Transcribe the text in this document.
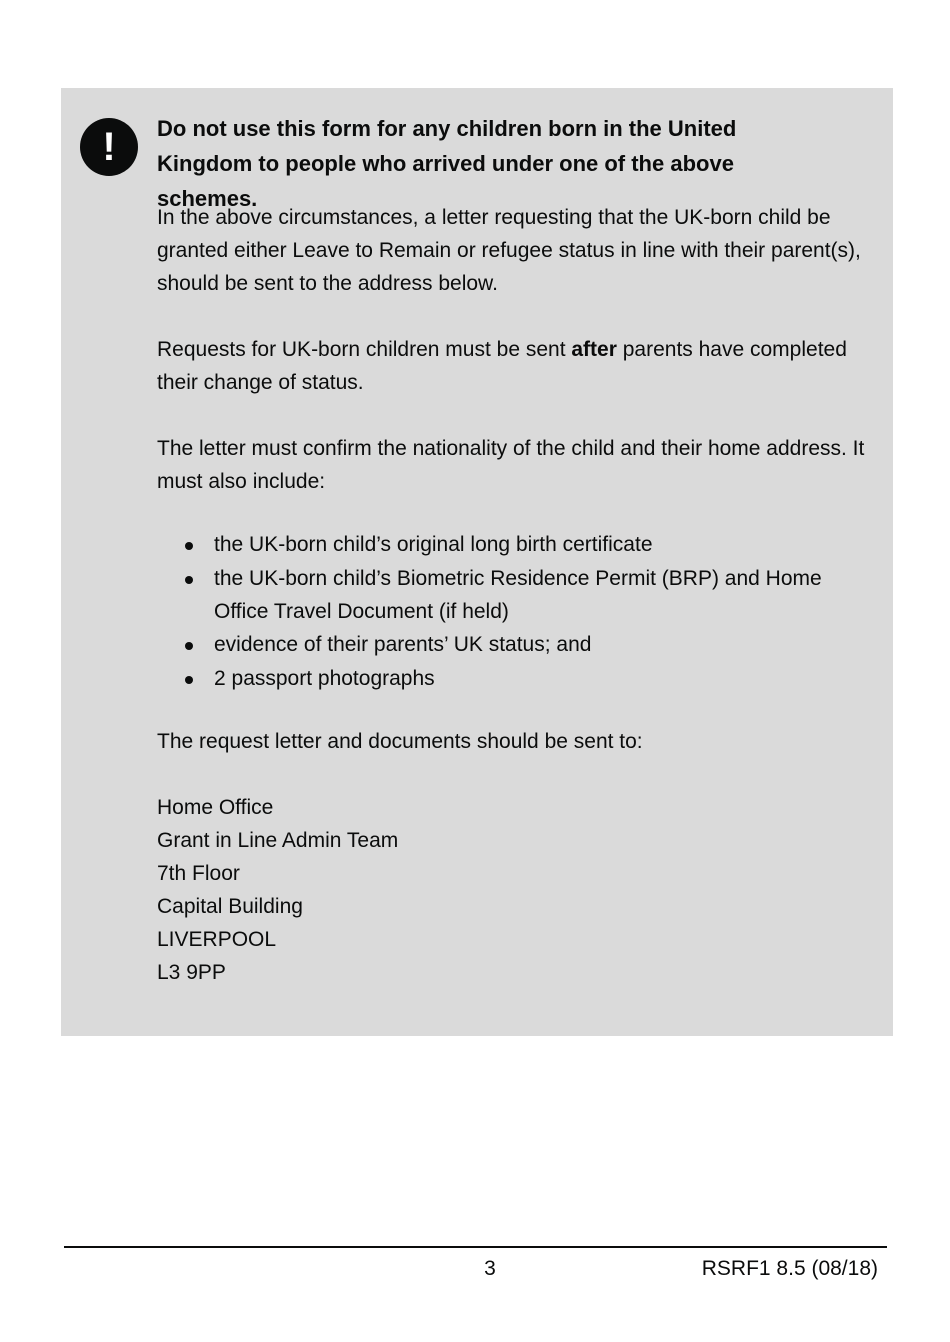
!	Do not use this form for any children born in the United Kingdom to people who arrived under one of the above schemes.

In the above circumstances, a letter requesting that the UK-born child be granted either Leave to Remain or refugee status in line with their parent(s), should be sent to the address below.

Requests for UK-born children must be sent after parents have completed their change of status.

The letter must confirm the nationality of the child and their home address. It must also include:

the UK-born child’s original long birth certificate
the UK-born child’s Biometric Residence Permit (BRP) and Home Office Travel Document (if held)
evidence of their parents’ UK status; and
2 passport photographs

The request letter and documents should be sent to:

Home Office
Grant in Line Admin Team
7th Floor
Capital Building
LIVERPOOL
L3 9PP
3	RSRF1 8.5 (08/18)
